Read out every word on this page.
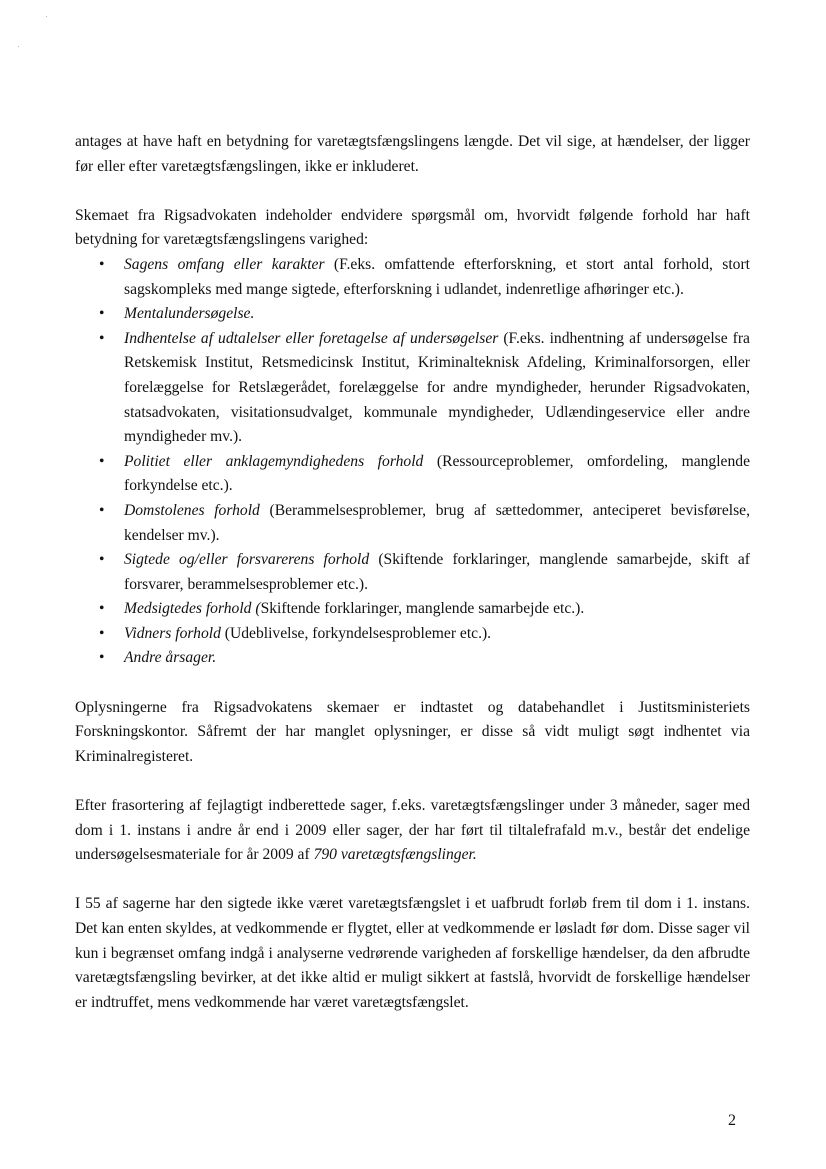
antages at have haft en betydning for varetægtsfængslingens længde. Det vil sige, at hændelser, der ligger før eller efter varetægtsfængslingen, ikke er inkluderet.

Skemaet fra Rigsadvokaten indeholder endvidere spørgsmål om, hvorvidt følgende forhold har haft betydning for varetægtsfængslingens varighed:

• Sagens omfang eller karakter (F.eks. omfattende efterforskning, et stort antal forhold, stort sagskompleks med mange sigtede, efterforskning i udlandet, indenretlige afhøringer etc.).
• Mentalundersøgelse.
• Indhentelse af udtalelser eller foretagelse af undersøgelser (F.eks. indhentning af undersøgelse fra Retskemisk Institut, Retsmedicinsk Institut, Kriminalteknisk Afdeling, Kriminalforsorgen, eller forelæggelse for Retslægerådet, forelæggelse for andre myndigheder, herunder Rigsadvokaten, statsadvokaten, visitationsudvalget, kommunale myndigheder, Udlændingeservice eller andre myndigheder mv.).
• Politiet eller anklagemyndighedens forhold (Ressourceproblemer, omfordeling, manglende forkyndelse etc.).
• Domstolenes forhold (Berammelsesproblemer, brug af sættedommer, anteciperet bevisførelse, kendelser mv.).
• Sigtede og/eller forsvarerens forhold (Skiftende forklaringer, manglende samarbejde, skift af forsvarer, berammelsesproblemer etc.).
• Medsigtedes forhold (Skiftende forklaringer, manglende samarbejde etc.).
• Vidners forhold (Udeblivelse, forkyndelsesproblemer etc.).
• Andre årsager.

Oplysningerne fra Rigsadvokatens skemaer er indtastet og databehandlet i Justitsministeriets Forskningskontor. Såfremt der har manglet oplysninger, er disse så vidt muligt søgt indhentet via Kriminalregisteret.

Efter frasortering af fejlagtigt indberettede sager, f.eks. varetægtsfængslinger under 3 måneder, sager med dom i 1. instans i andre år end i 2009 eller sager, der har ført til tiltalefrafald m.v., består det endelige undersøgelsesmateriale for år 2009 af 790 varetægtsfængslinger.

I 55 af sagerne har den sigtede ikke været varetægtsfængslet i et uafbrudt forløb frem til dom i 1. instans. Det kan enten skyldes, at vedkommende er flygtet, eller at vedkommende er løsladt før dom. Disse sager vil kun i begrænset omfang indgå i analyserne vedrørende varigheden af forskellige hændelser, da den afbrudte varetægtsfængsling bevirker, at det ikke altid er muligt sikkert at fastslå, hvorvidt de forskellige hændelser er indtruffet, mens vedkommende har været varetægtsfængslet.

2
